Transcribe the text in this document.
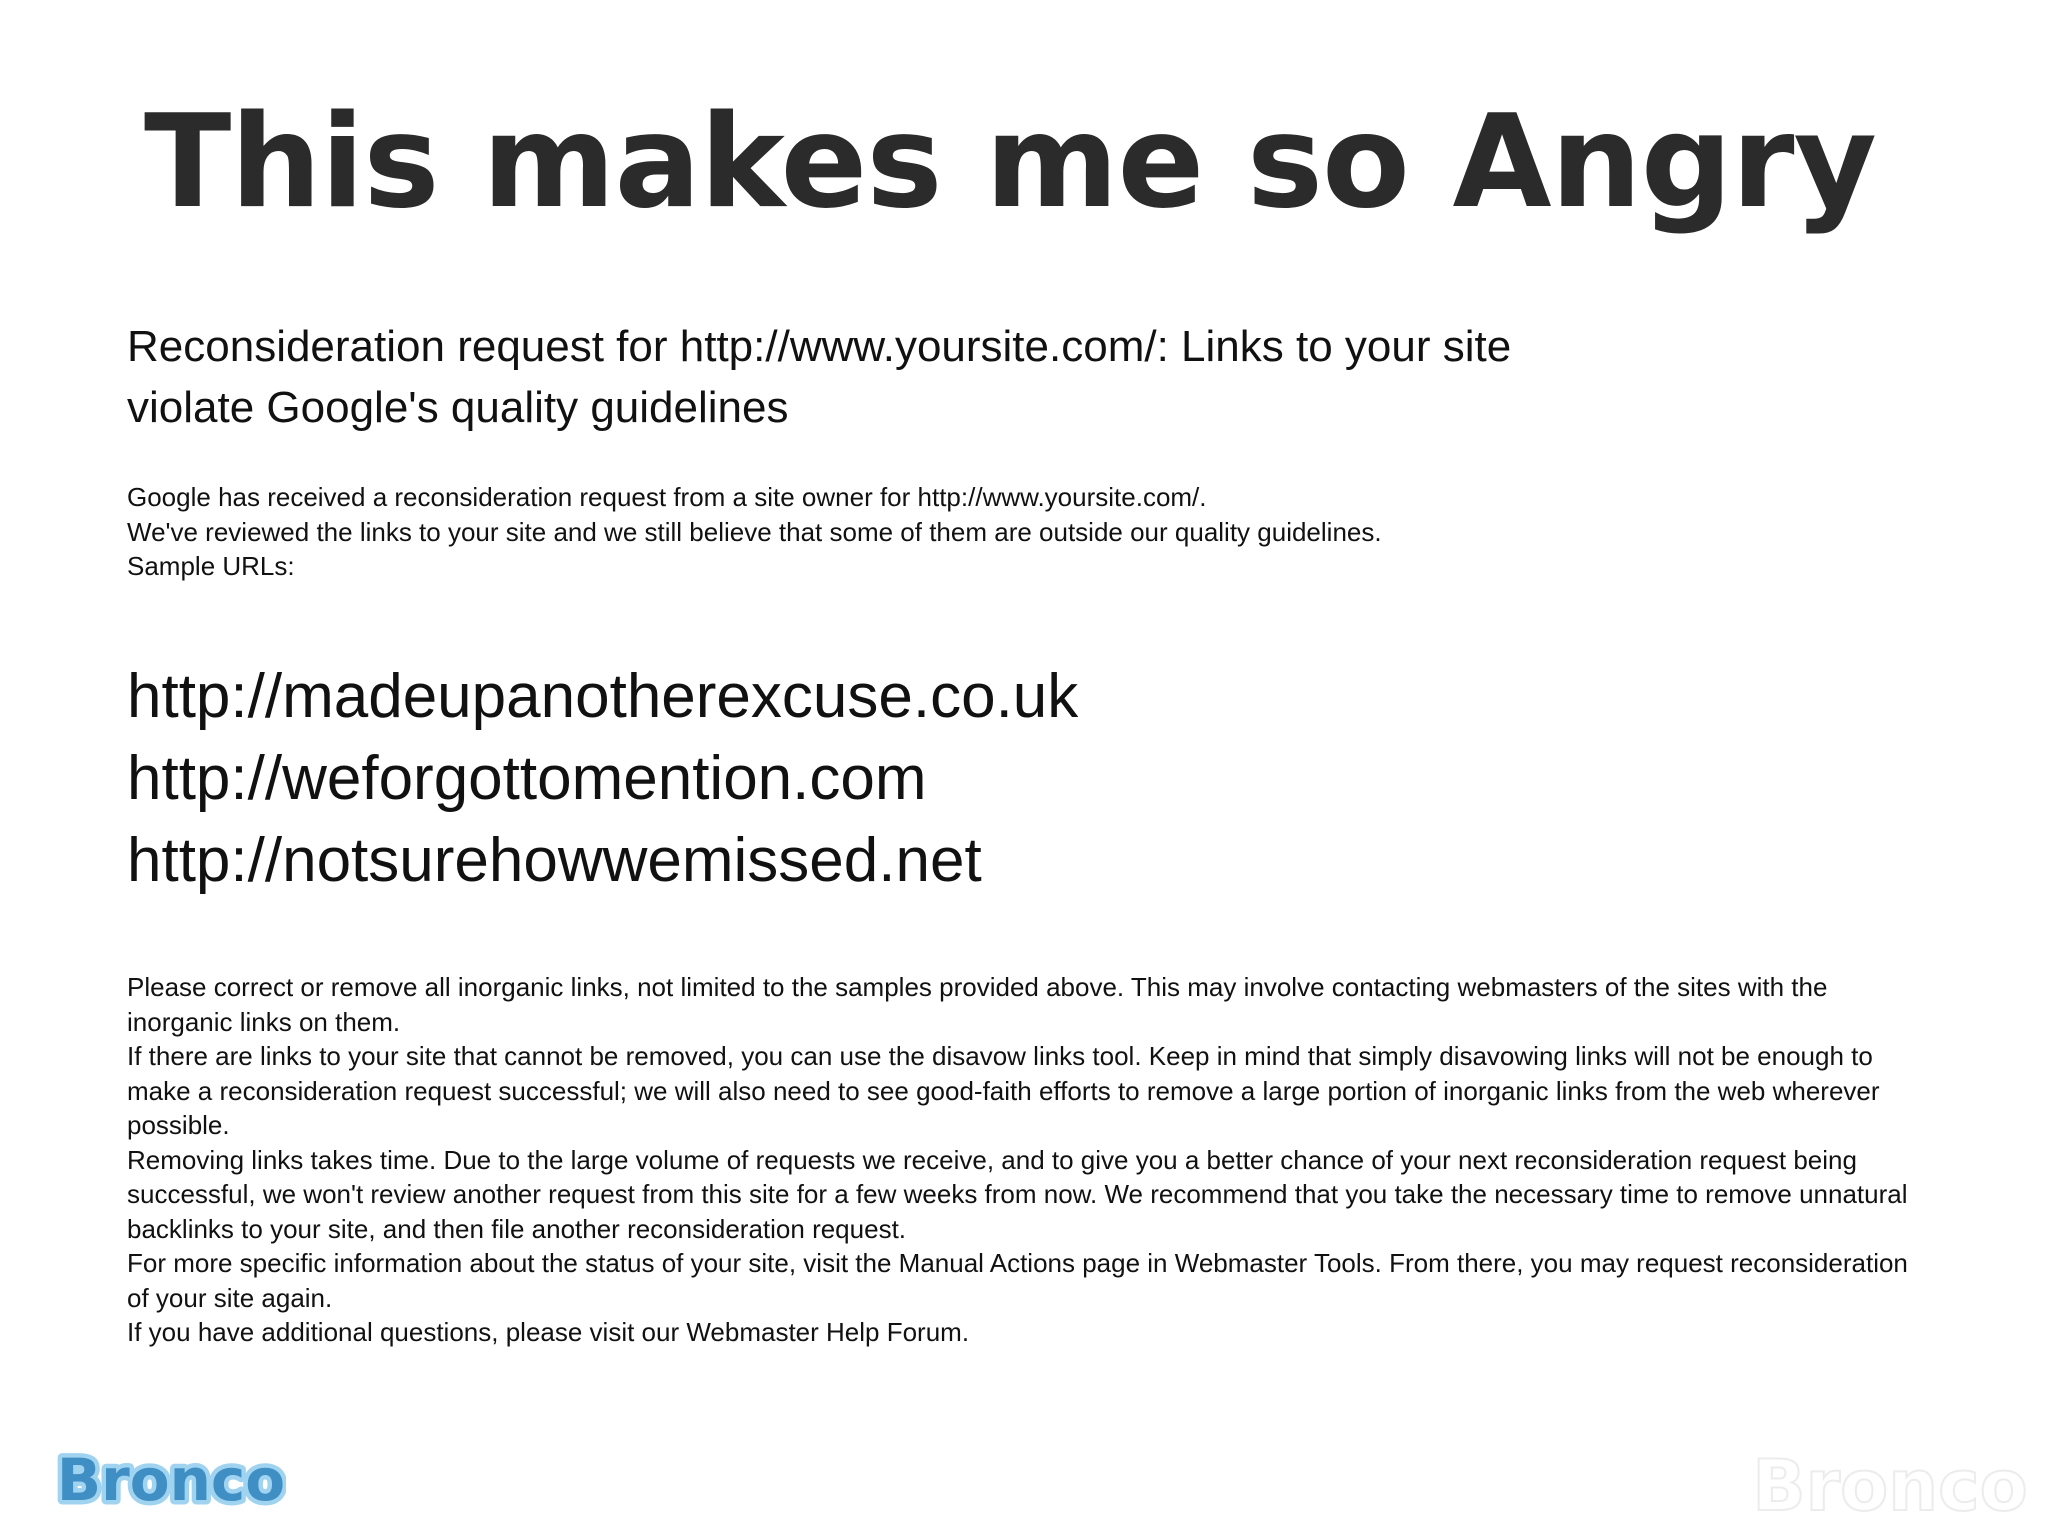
This makes me so Angry
Reconsideration request for http://www.yoursite.com/: Links to your site violate Google's quality guidelines
Google has received a reconsideration request from a site owner for http://www.yoursite.com/.
We've reviewed the links to your site and we still believe that some of them are outside our quality guidelines.
Sample URLs:
http://madeupanotherexcuse.co.uk
http://weforgottomention.com
http://notsurehowwemissed.net

Please correct or remove all inorganic links, not limited to the samples provided above. This may involve contacting webmasters of the sites with the inorganic links on them.

If there are links to your site that cannot be removed, you can use the disavow links tool. Keep in mind that simply disavowing links will not be enough to make a reconsideration request successful; we will also need to see good-faith efforts to remove a large portion of inorganic links from the web wherever possible.

Removing links takes time. Due to the large volume of requests we receive, and to give you a better chance of your next reconsideration request being successful, we won't review another request from this site for a few weeks from now. We recommend that you take the necessary time to remove unnatural backlinks to your site, and then file another reconsideration request.

For more specific information about the status of your site, visit the Manual Actions page in Webmaster Tools. From there, you may request reconsideration of your site again.

If you have additional questions, please visit our Webmaster Help Forum.

Bronco	Bronco
